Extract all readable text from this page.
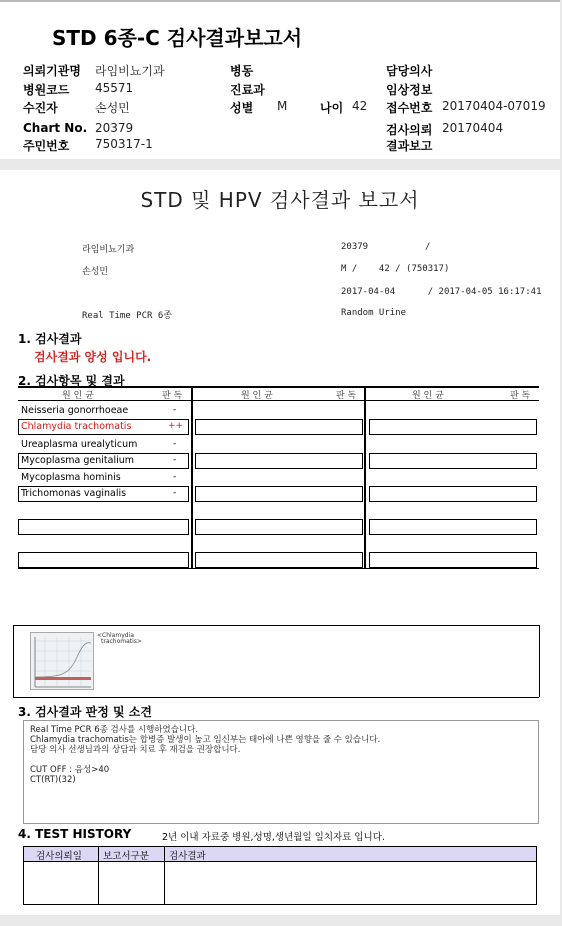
STD 6종-C 검사결과보고서
의뢰기관명 라임비뇨기과	병동	담당의사
병원코드 45571	진료과	임상정보
수진자	손성민	성별 M	나이 42 접수번호 20170404-07019
Chart No. 20379	검사의뢰 20170404
주민번호 750317-1	결과보고
STD 및 HPV 검사결과 보고서
라임비뇨기과	20379	/
손성민	M /    42 / (750317)
2017-04-04      / 2017-04-05 16:17:41
Real Time PCR 6종	Random Urine
1. 검사결과
검사결과 양성 입니다.
2. 검사항목 및 결과
원 인 균	판 독	원 인 균	판 독	원 인 균	판 독
Neisseria gonorrhoeae	-
Chlamydia trachomatis	++
Ureaplasma urealyticum	-
Mycoplasma genitalium	-
Mycoplasma hominis	-
Trichomonas vaginalis	-
<Chlamydia
trachomatis>
3. 검사결과 판정 및 소견
Real Time PCR 6종 검사를 시행하였습니다.
Chlamydia trachomatis는 합병증 발생이 높고 임신부는 태아에 나쁜 영향을 줄 수 있습니다.
담당 의사 선생님과의 상담과 치료 후 재검을 권장합니다.

CUT OFF : 음성>40
CT(RT)(32)
4. TEST HISTORY	2년 이내 자료중 병원,성명,생년월일 일치자료 입니다.
검사의뢰일 보고서구분 검사결과
